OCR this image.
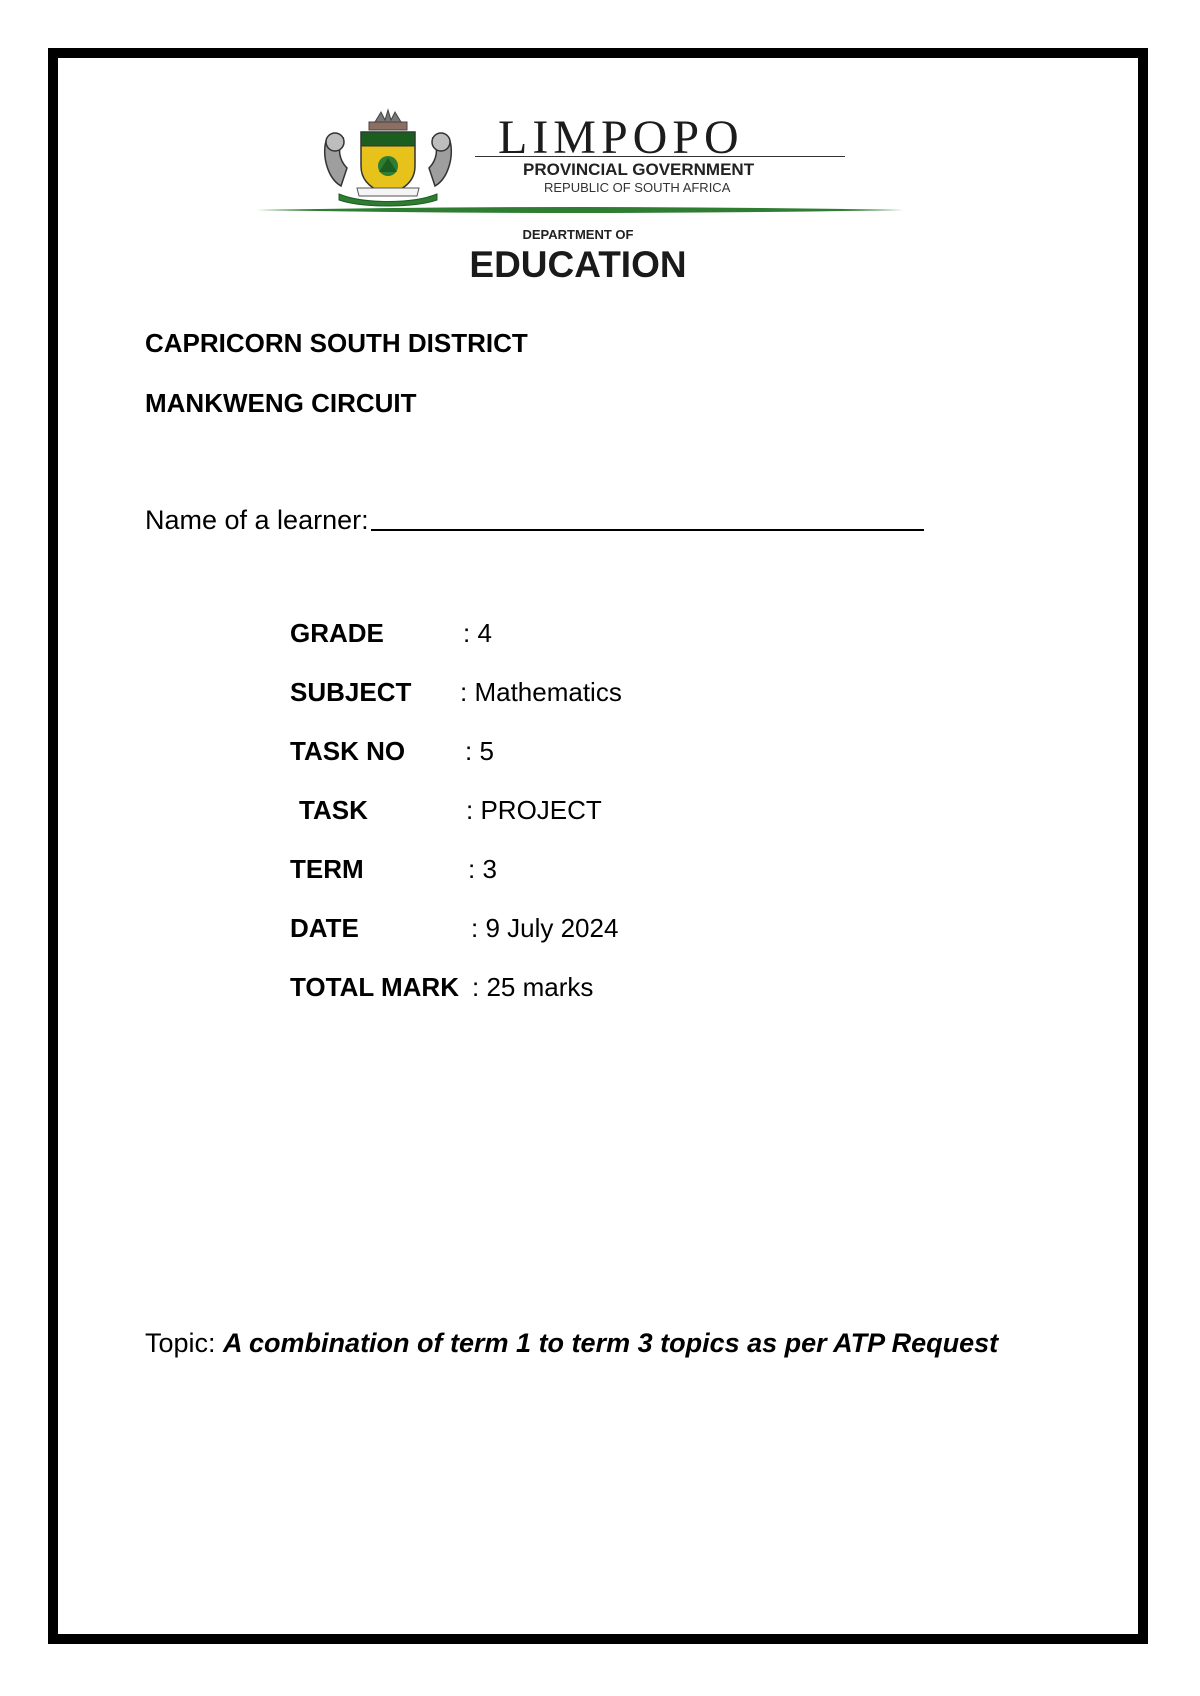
LIMPOPO
PROVINCIAL GOVERNMENT
REPUBLIC OF SOUTH AFRICA
DEPARTMENT OF
EDUCATION
CAPRICORN SOUTH DISTRICT
MANKWENG CIRCUIT
Name of a learner:
GRADE	: 4
SUBJECT : Mathematics
TASK NO : 5
TASK	: PROJECT
TERM	: 3
DATE	: 9 July 2024
TOTAL MARK : 25 marks
Topic: A combination of term 1 to term 3 topics as per ATP Request
